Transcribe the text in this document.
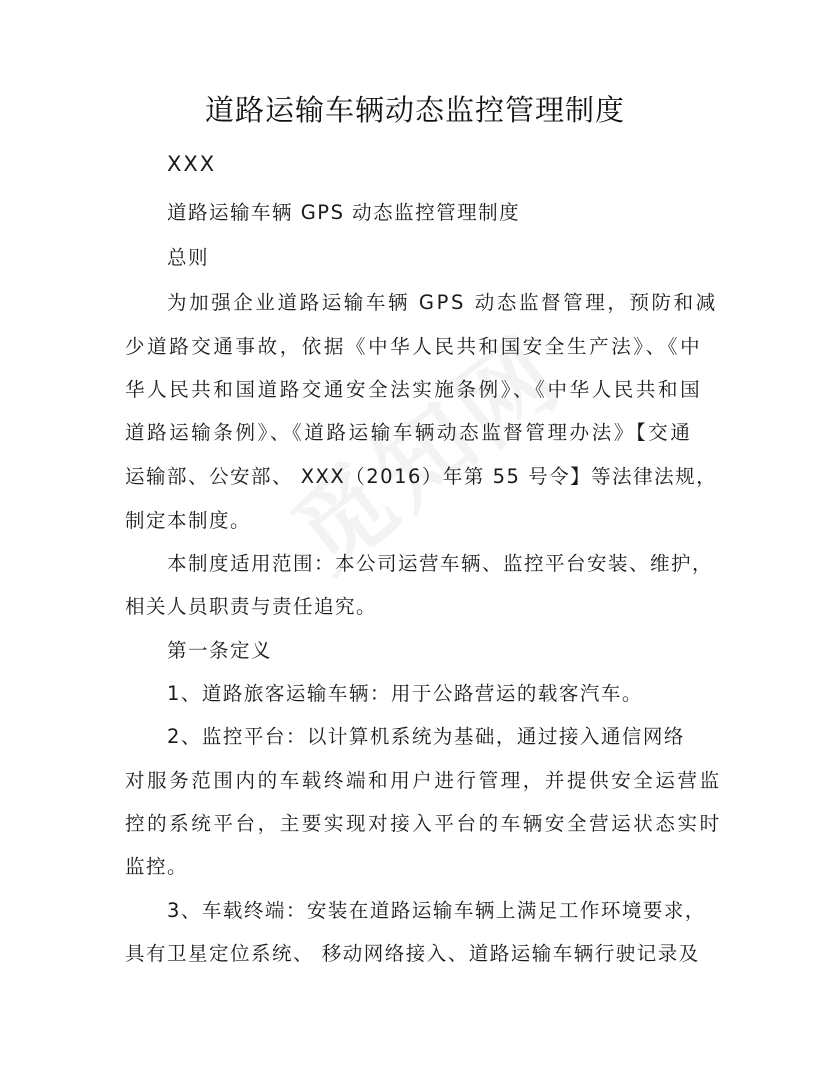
道路运输车辆动态监控管理制度
XXX
道路运输车辆 GPS 动态监控管理制度
总则
为加强企业道路运输车辆 GPS 动态监督管理，预防和减
少道路交通事故，依据《中华人民共和国安全生产法》、《中
华人民共和国道路交通安全法实施条例》、《中华人民共和国
道路运输条例》、《道路运输车辆动态监督管理办法》【交通
运输部、公安部、 XXX（2016）年第 55 号令】等法律法规，
制定本制度。
本制度适用范围：本公司运营车辆、监控平台安装、维护，
相关人员职责与责任追究。
第一条定义
1、道路旅客运输车辆：用于公路营运的载客汽车。
2、监控平台：以计算机系统为基础，通过接入通信网络
对服务范围内的车载终端和用户进行管理，并提供安全运营监
控的系统平台，主要实现对接入平台的车辆安全营运状态实时
监控。
3、车载终端：安装在道路运输车辆上满足工作环境要求，
具有卫星定位系统、 移动网络接入、道路运输车辆行驶记录及
